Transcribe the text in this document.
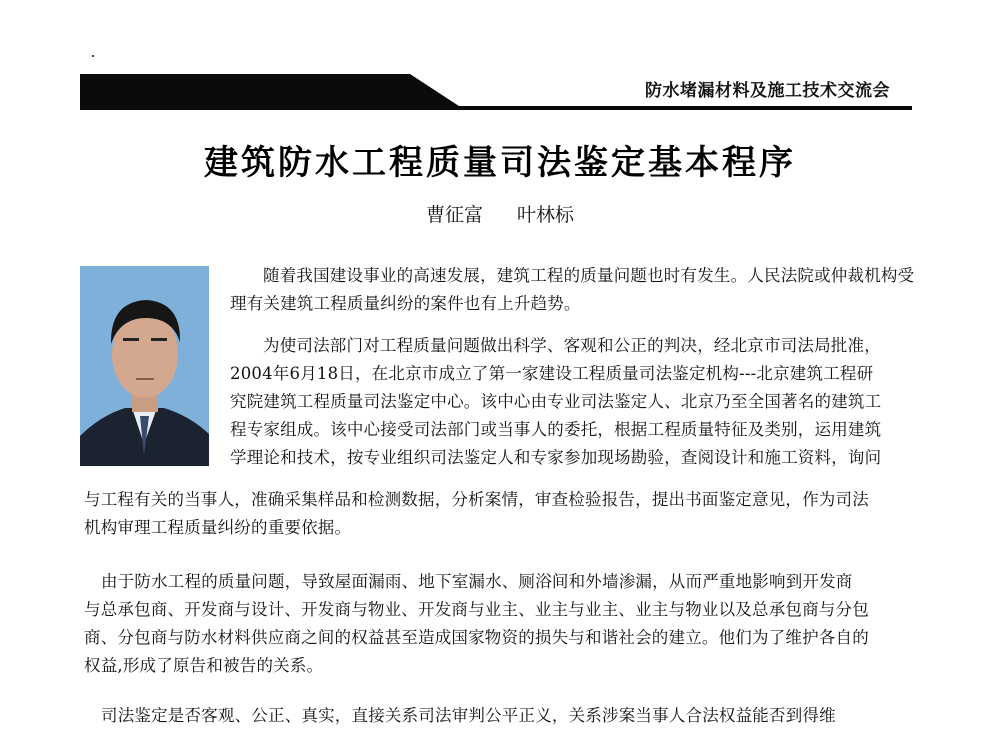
防水堵漏材料及施工技术交流会
建筑防水工程质量司法鉴定基本程序
曹征富 叶林标

随着我国建设事业的高速发展，建筑工程的质量问题也时有发生。人民法院或仲裁机构受理有关建筑工程质量纠纷的案件也有上升趋势。

为使司法部门对工程质量问题做出科学、客观和公正的判决，经北京市司法局批准，
2004年6月18日，在北京市成立了第一家建设工程质量司法鉴定机构---北京建筑工程研
究院建筑工程质量司法鉴定中心。该中心由专业司法鉴定人、北京乃至全国著名的建筑工
程专家组成。该中心接受司法部门或当事人的委托，根据工程质量特征及类别，运用建筑
学理论和技术，按专业组织司法鉴定人和专家参加现场勘验，查阅设计和施工资料，询问
与工程有关的当事人，准确采集样品和检测数据，分析案情，审查检验报告，提出书面鉴定意见，作为司法
机构审理工程质量纠纷的重要依据。
由于防水工程的质量问题，导致屋面漏雨、地下室漏水、厕浴间和外墙渗漏，从而严重地影响到开发商
与总承包商、开发商与设计、开发商与物业、开发商与业主、业主与业主、业主与物业以及总承包商与分包
商、分包商与防水材料供应商之间的权益甚至造成国家物资的损失与和谐社会的建立。他们为了维护各自的
权益,形成了原告和被告的关系。

司法鉴定是否客观、公正、真实，直接关系司法审判公平正义，关系涉案当事人合法权益能否到得维
